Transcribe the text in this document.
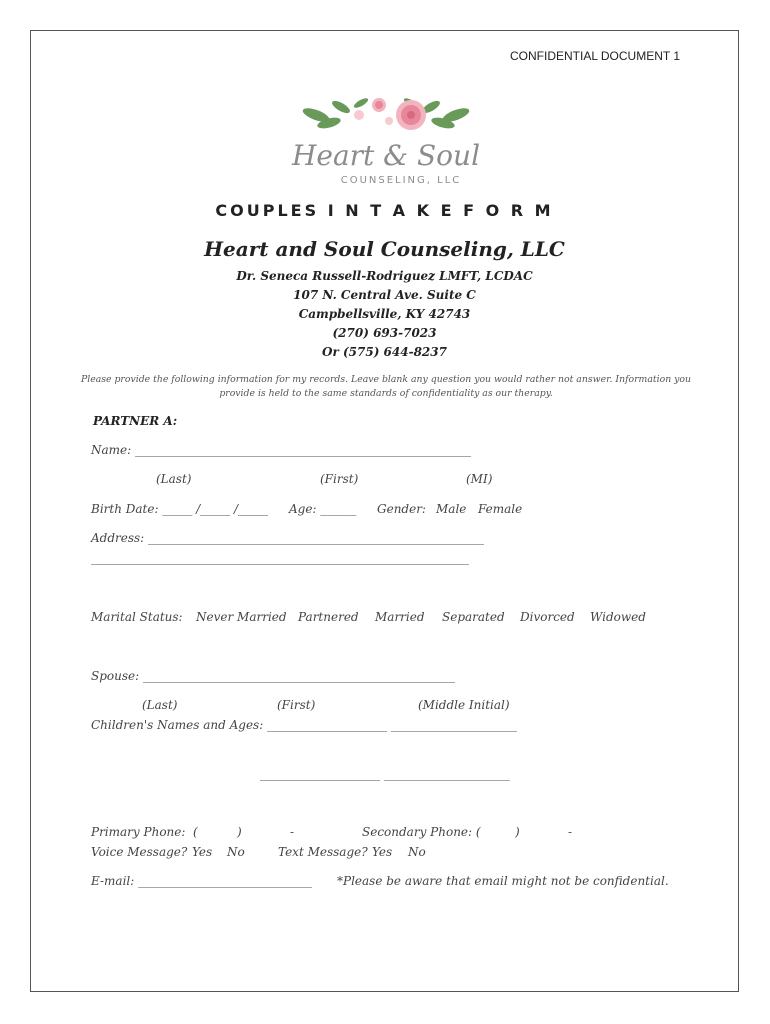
CONFIDENTIAL DOCUMENT 1
Heart & Soul
COUNSELING, LLC
COUPLES I N T A K E F O R M
Heart and Soul Counseling, LLC
Dr. Seneca Russell-Rodriguez LMFT, LCDAC
107 N. Central Ave. Suite C
Campbellsville, KY 42743
(270) 693-7023
Or (575) 644-8237
Please provide the following information for my records. Leave blank any question you would rather not answer. Information you provide is held to the same standards of confidentiality as our therapy.
PARTNER A:
Name: ________________________________________________________
(Last)	(First)	(MI)
Birth Date: _____ /_____ /_____ Age: ______ Gender: Male Female
Address: ________________________________________________________
_______________________________________________________________
Marital Status: Never Married Partnered Married Separated Divorced Widowed
Spouse: ____________________________________________________
(Last)	(First)	(Middle Initial)
Children's Names and Ages: ____________________ _____________________
____________________ _____________________
Primary Phone: (	)	-	Secondary Phone: (	)	-
Voice Message? Yes No	Text Message? Yes No
E-mail: _____________________________ *Please be aware that email might not be confidential.
